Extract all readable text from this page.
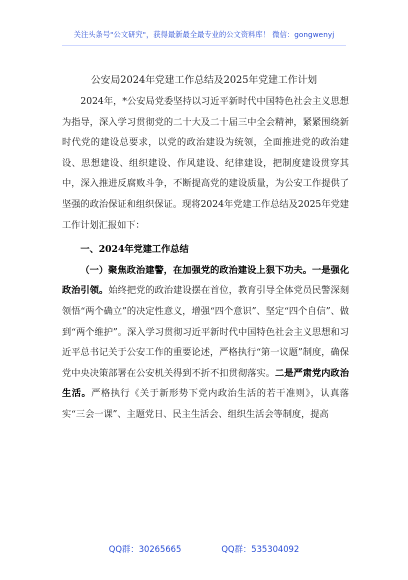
关注头条号"公文研究"，获得最新最全最专业的公文资料库！ 微信：gongwenyj
公安局2024年党建工作总结及2025年党建工作计划

2024年，*公安局党委坚持以习近平新时代中国特色社会主义思想为指导，深入学习贯彻党的二十大及二十届三中全会精神，紧紧围绕新时代党的建设总要求，以党的政治建设为统领，全面推进党的政治建设、思想建设、组织建设、作风建设、纪律建设，把制度建设贯穿其中，深入推进反腐败斗争，不断提高党的建设质量，为公安工作提供了坚强的政治保证和组织保证。现将2024年党建工作总结及2025年党建工作计划汇报如下：

一、2024年党建工作总结

（一）聚焦政治建警，在加强党的政治建设上狠下功夫。一是强化政治引领。始终把党的政治建设摆在首位，教育引导全体党员民警深刻领悟“两个确立”的决定性意义，增强“四个意识”、坚定“四个自信”、做到“两个维护”。深入学习贯彻习近平新时代中国特色社会主义思想和习近平总书记关于公安工作的重要论述，严格执行“第一议题”制度，确保党中央决策部署在公安机关得到不折不扣贯彻落实。二是严肃党内政治生活。严格执行《关于新形势下党内政治生活的若干准则》，认真落实“三会一课”、主题党日、民主生活会、组织生活会等制度，提高

QQ群：30265665	QQ群：535304092
